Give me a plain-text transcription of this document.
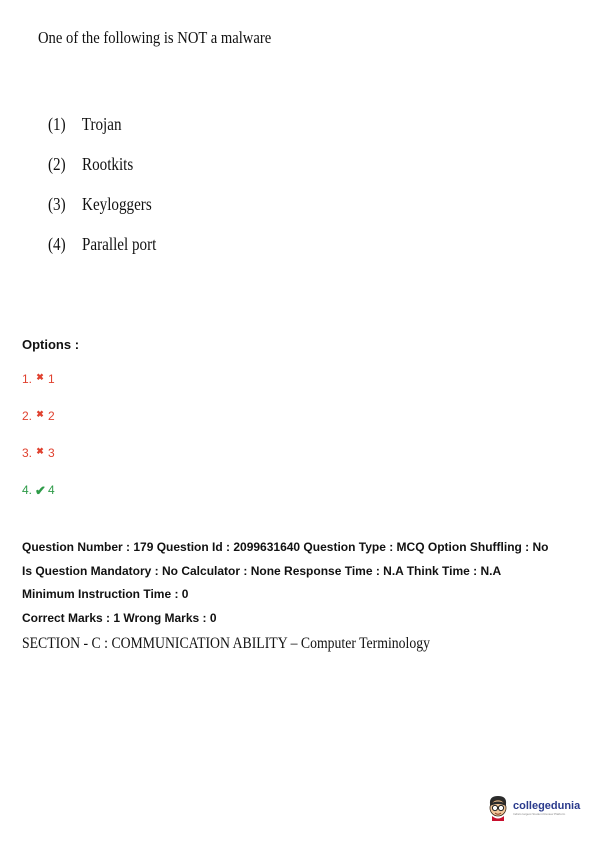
One of the following is NOT a malware
(1) Trojan
(2) Rootkits
(3) Keyloggers
(4) Parallel port
Options :
1. ✖ 1
2. ✖ 2
3. ✖ 3
4. ✔ 4
Question Number : 179 Question Id : 2099631640 Question Type : MCQ Option Shuffling : No
Is Question Mandatory : No Calculator : None Response Time : N.A Think Time : N.A
Minimum Instruction Time : 0
Correct Marks : 1 Wrong Marks : 0
SECTION - C : COMMUNICATION ABILITY – Computer Terminology
collegedunia
India's largest Student Review Platform
